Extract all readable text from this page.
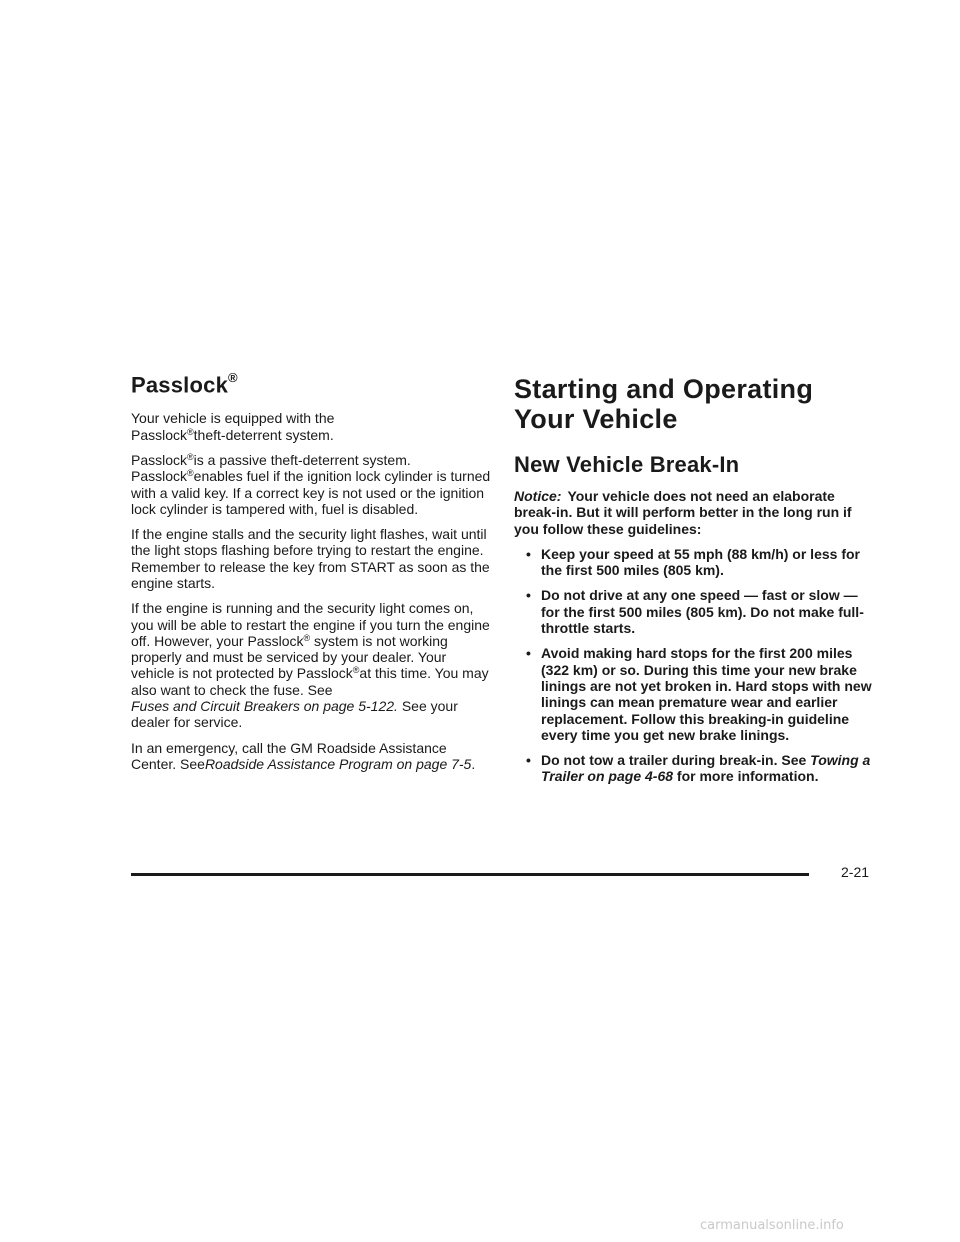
Passlock®

Your vehicle is equipped with the
Passlock®theft-deterrent system.

Passlock®is a passive theft-deterrent system.
Passlock®enables fuel if the ignition lock cylinder is turned with a valid key. If a correct key is not used or the ignition lock cylinder is tampered with, fuel is disabled.

If the engine stalls and the security light flashes, wait until the light stops flashing before trying to restart the engine. Remember to release the key from START as soon as the engine starts.

If the engine is running and the security light comes on, you will be able to restart the engine if you turn the engine off. However, your Passlock® system is not working properly and must be serviced by your dealer. Your vehicle is not protected by Passlock®at this time. You may also want to check the fuse. See
Fuses and Circuit Breakers on page 5-122. See your dealer for service.

In an emergency, call the GM Roadside Assistance Center. SeeRoadside Assistance Program on page 7-5.

Starting and Operating Your Vehicle
New Vehicle Break-In

Notice: Your vehicle does not need an elaborate break-in. But it will perform better in the long run if you follow these guidelines:

• Keep your speed at 55 mph (88 km/h) or less for the first 500 miles (805 km).
• Do not drive at any one speed — fast or slow — for the first 500 miles (805 km). Do not make full-throttle starts.
• Avoid making hard stops for the first 200 miles (322 km) or so. During this time your new brake linings are not yet broken in. Hard stops with new linings can mean premature wear and earlier replacement. Follow this breaking-in guideline every time you get new brake linings.
• Do not tow a trailer during break-in. See Towing a Trailer on page 4-68 for more information.
2-21
carmanualsonline.info
